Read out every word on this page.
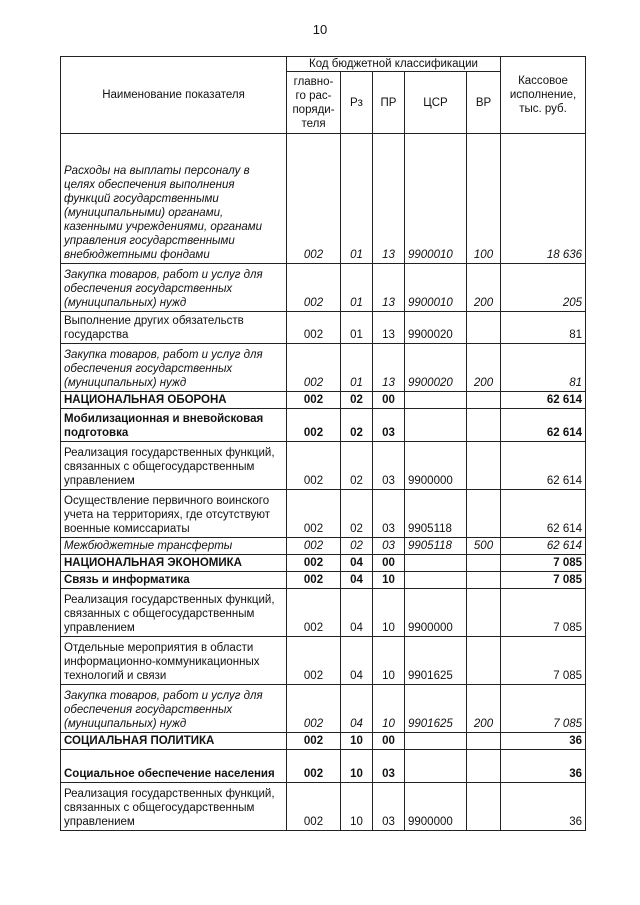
10
Наименование показателя	Код бюджетной классификации					Кассовое исполнение, тыс. руб.
	главно-го рас-поряди-теля	Рз	ПР	ЦСР	ВР	
Расходы на выплаты персоналу в целях обеспечения выполнения функций государственными (муниципальными) органами, казенными учреждениями, органами управления государственными внебюджетными фондами	002	01	13	9900010	100	18 636
Закупка товаров, работ и услуг для обеспечения государственных (муниципальных) нужд	002	01	13	9900010	200	205
Выполнение других обязательств государства	002	01	13	9900020		81
Закупка товаров, работ и услуг для обеспечения государственных (муниципальных) нужд	002	01	13	9900020	200	81
НАЦИОНАЛЬНАЯ ОБОРОНА	002	02	00			62 614
Мобилизационная и вневойсковая подготовка	002	02	03			62 614
Реализация государственных функций, связанных с общегосударственным управлением	002	02	03	9900000		62 614
Осуществление первичного воинского учета на территориях, где отсутствуют военные комиссариаты	002	02	03	9905118		62 614
Межбюджетные трансферты	002	02	03	9905118	500	62 614
НАЦИОНАЛЬНАЯ ЭКОНОМИКА	002	04	00			7 085
Связь и информатика	002	04	10			7 085
Реализация государственных функций, связанных с общегосударственным управлением	002	04	10	9900000		7 085
Отдельные мероприятия в области информационно-коммуникационных технологий и связи	002	04	10	9901625		7 085
Закупка товаров, работ и услуг для обеспечения государственных (муниципальных) нужд	002	04	10	9901625	200	7 085
СОЦИАЛЬНАЯ ПОЛИТИКА	002	10	00			36
Социальное обеспечение населения	002	10	03			36
Реализация государственных функций, связанных с общегосударственным управлением	002	10	03	9900000		36
